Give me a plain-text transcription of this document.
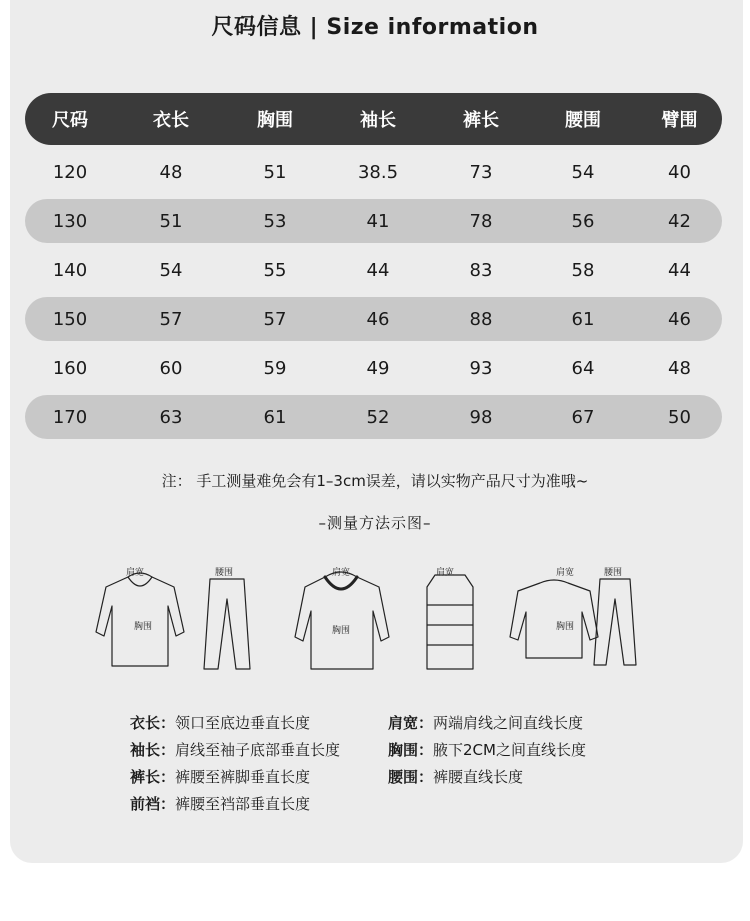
尺码信息 | Size information
尺码	衣长	胸围	袖长	裤长	腰围	臂围
120	48	51	38.5	73	54	40
130	51	53	41	78	56	42
140	54	55	44	83	58	44
150	57	57	46	88	61	46
160	60	59	49	93	64	48
170	63	61	52	98	67	50
注： 手工测量难免会有1–3cm误差，请以实物产品尺寸为准哦~
–测量方法示图–
肩宽	腰围
胸围
肩宽
胸围
肩宽	肩宽	腰围
胸围
衣长：领口至底边垂直长度
袖长：肩线至袖子底部垂直长度
裤长：裤腰至裤脚垂直长度
前裆：裤腰至裆部垂直长度
肩宽：两端肩线之间直线长度
胸围：腋下2CM之间直线长度
腰围：裤腰直线长度
